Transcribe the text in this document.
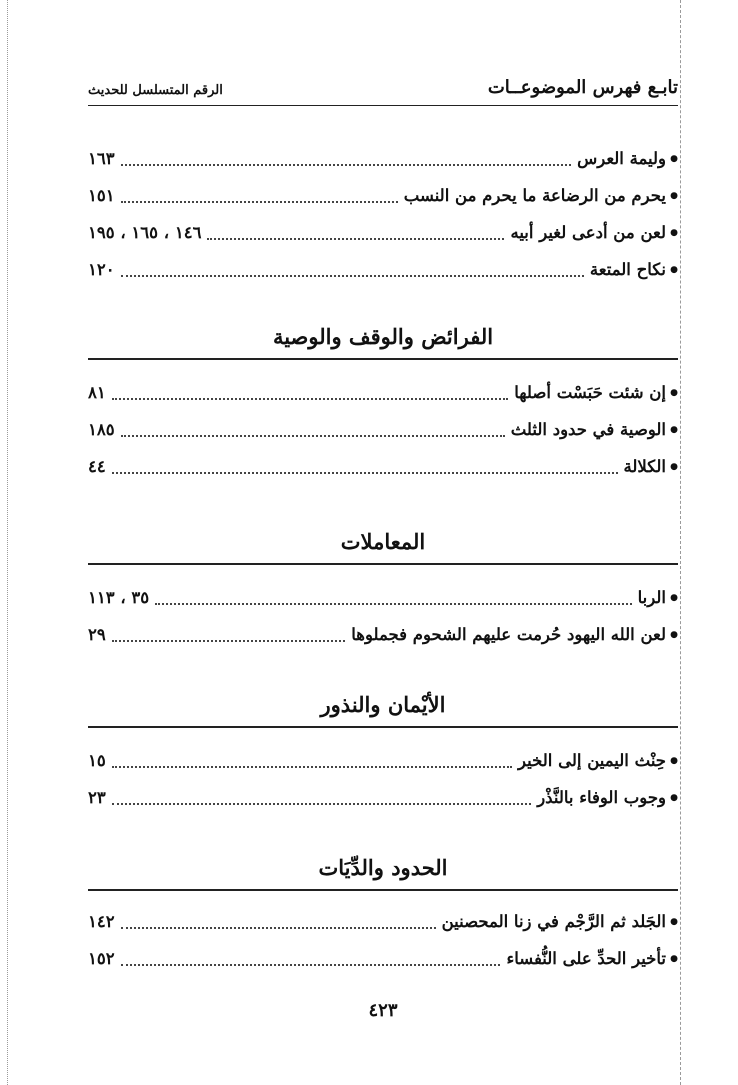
تابـع فهرس الموضوعــات
الرقم المتسلسل للحديث
●
وليمة العرس
١٦٣
●
يحرم من الرضاعة ما يحرم من النسب
١٥١
●
لعن من أدعى لغير أبيه
١٤٦ ، ١٦٥ ، ١٩٥
●
نكاح المتعة
١٢٠
الفرائض والوقف والوصية
●
إن شئت حَبَسْت أصلها
٨١
●
الوصية في حدود الثلث
١٨٥
●
الكلالة
٤٤
المعاملات
●
الربا
٣٥ ، ١١٣
●
لعن الله اليهود حُرمت عليهم الشحوم فجملوها
٢٩
الأيْمان والنذور
●
حِنْث اليمين إلى الخير
١٥
●
وجوب الوفاء بالنَّذْر
٢٣
الحدود والدِّيَات
●
الجَلد ثم الرَّجْم في زنا المحصنين
١٤٢
●
تأخير الحدِّ على النُّفساء
١٥٢
٤٢٣
